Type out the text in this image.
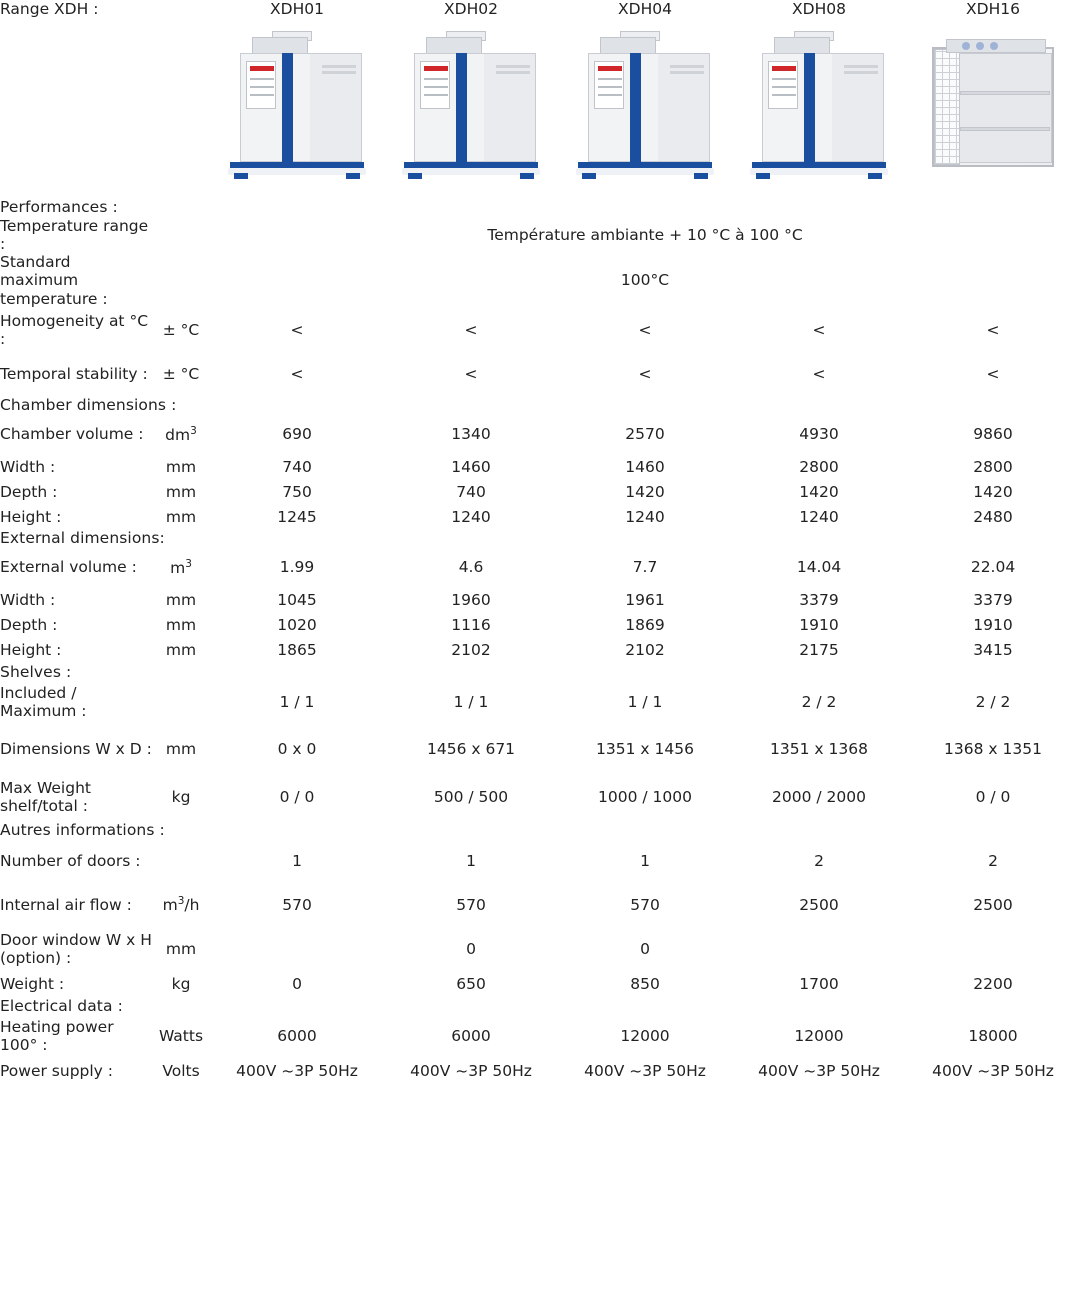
Range XDH :		XDH01	XDH02	XDH04	XDH08	XDH16

Performances :						
Temperature range :		Température ambiante + 10 °C à 100 °C				
Standard maximum temperature :		100°C				
Homogeneity at °C :	± °C	<	<	<	<	<
Temporal stability :	± °C	<	<	<	<	<
Chamber dimensions :						
Chamber volume :	$dm^3$	690	1340	2570	4930	9860
Width :	mm	740	1460	1460	2800	2800
Depth :	mm	750	740	1420	1420	1420
Height :	mm	1245	1240	1240	1240	2480
External dimensions:						
External volume :	$m^3$	1.99	4.6	7.7	14.04	22.04
Width :	mm	1045	1960	1961	3379	3379
Depth :	mm	1020	1116	1869	1910	1910
Height :	mm	1865	2102	2102	2175	3415
Shelves :						
Included / Maximum :		1 / 1	1 / 1	1 / 1	2 / 2	2 / 2
Dimensions W x D :	mm	0 x 0	1456 x 671	1351 x 1456	1351 x 1368	1368 x 1351
Max Weight shelf/total :	kg	0 / 0	500 / 500	1000 / 1000	2000 / 2000	0 / 0
Autres informations :						
Number of doors :		1	1	1	2	2
Internal air flow :	$m^3/h$	570	570	570	2500	2500
Door window W x H (option) :	mm		0	0		
Weight :	kg	0	650	850	1700	2200
Electrical data :						
Heating power 100° :	Watts	6000	6000	12000	12000	18000
Power supply :	Volts	400V ~3P 50Hz	400V ~3P 50Hz	400V ~3P 50Hz	400V ~3P 50Hz	400V ~3P 50Hz
